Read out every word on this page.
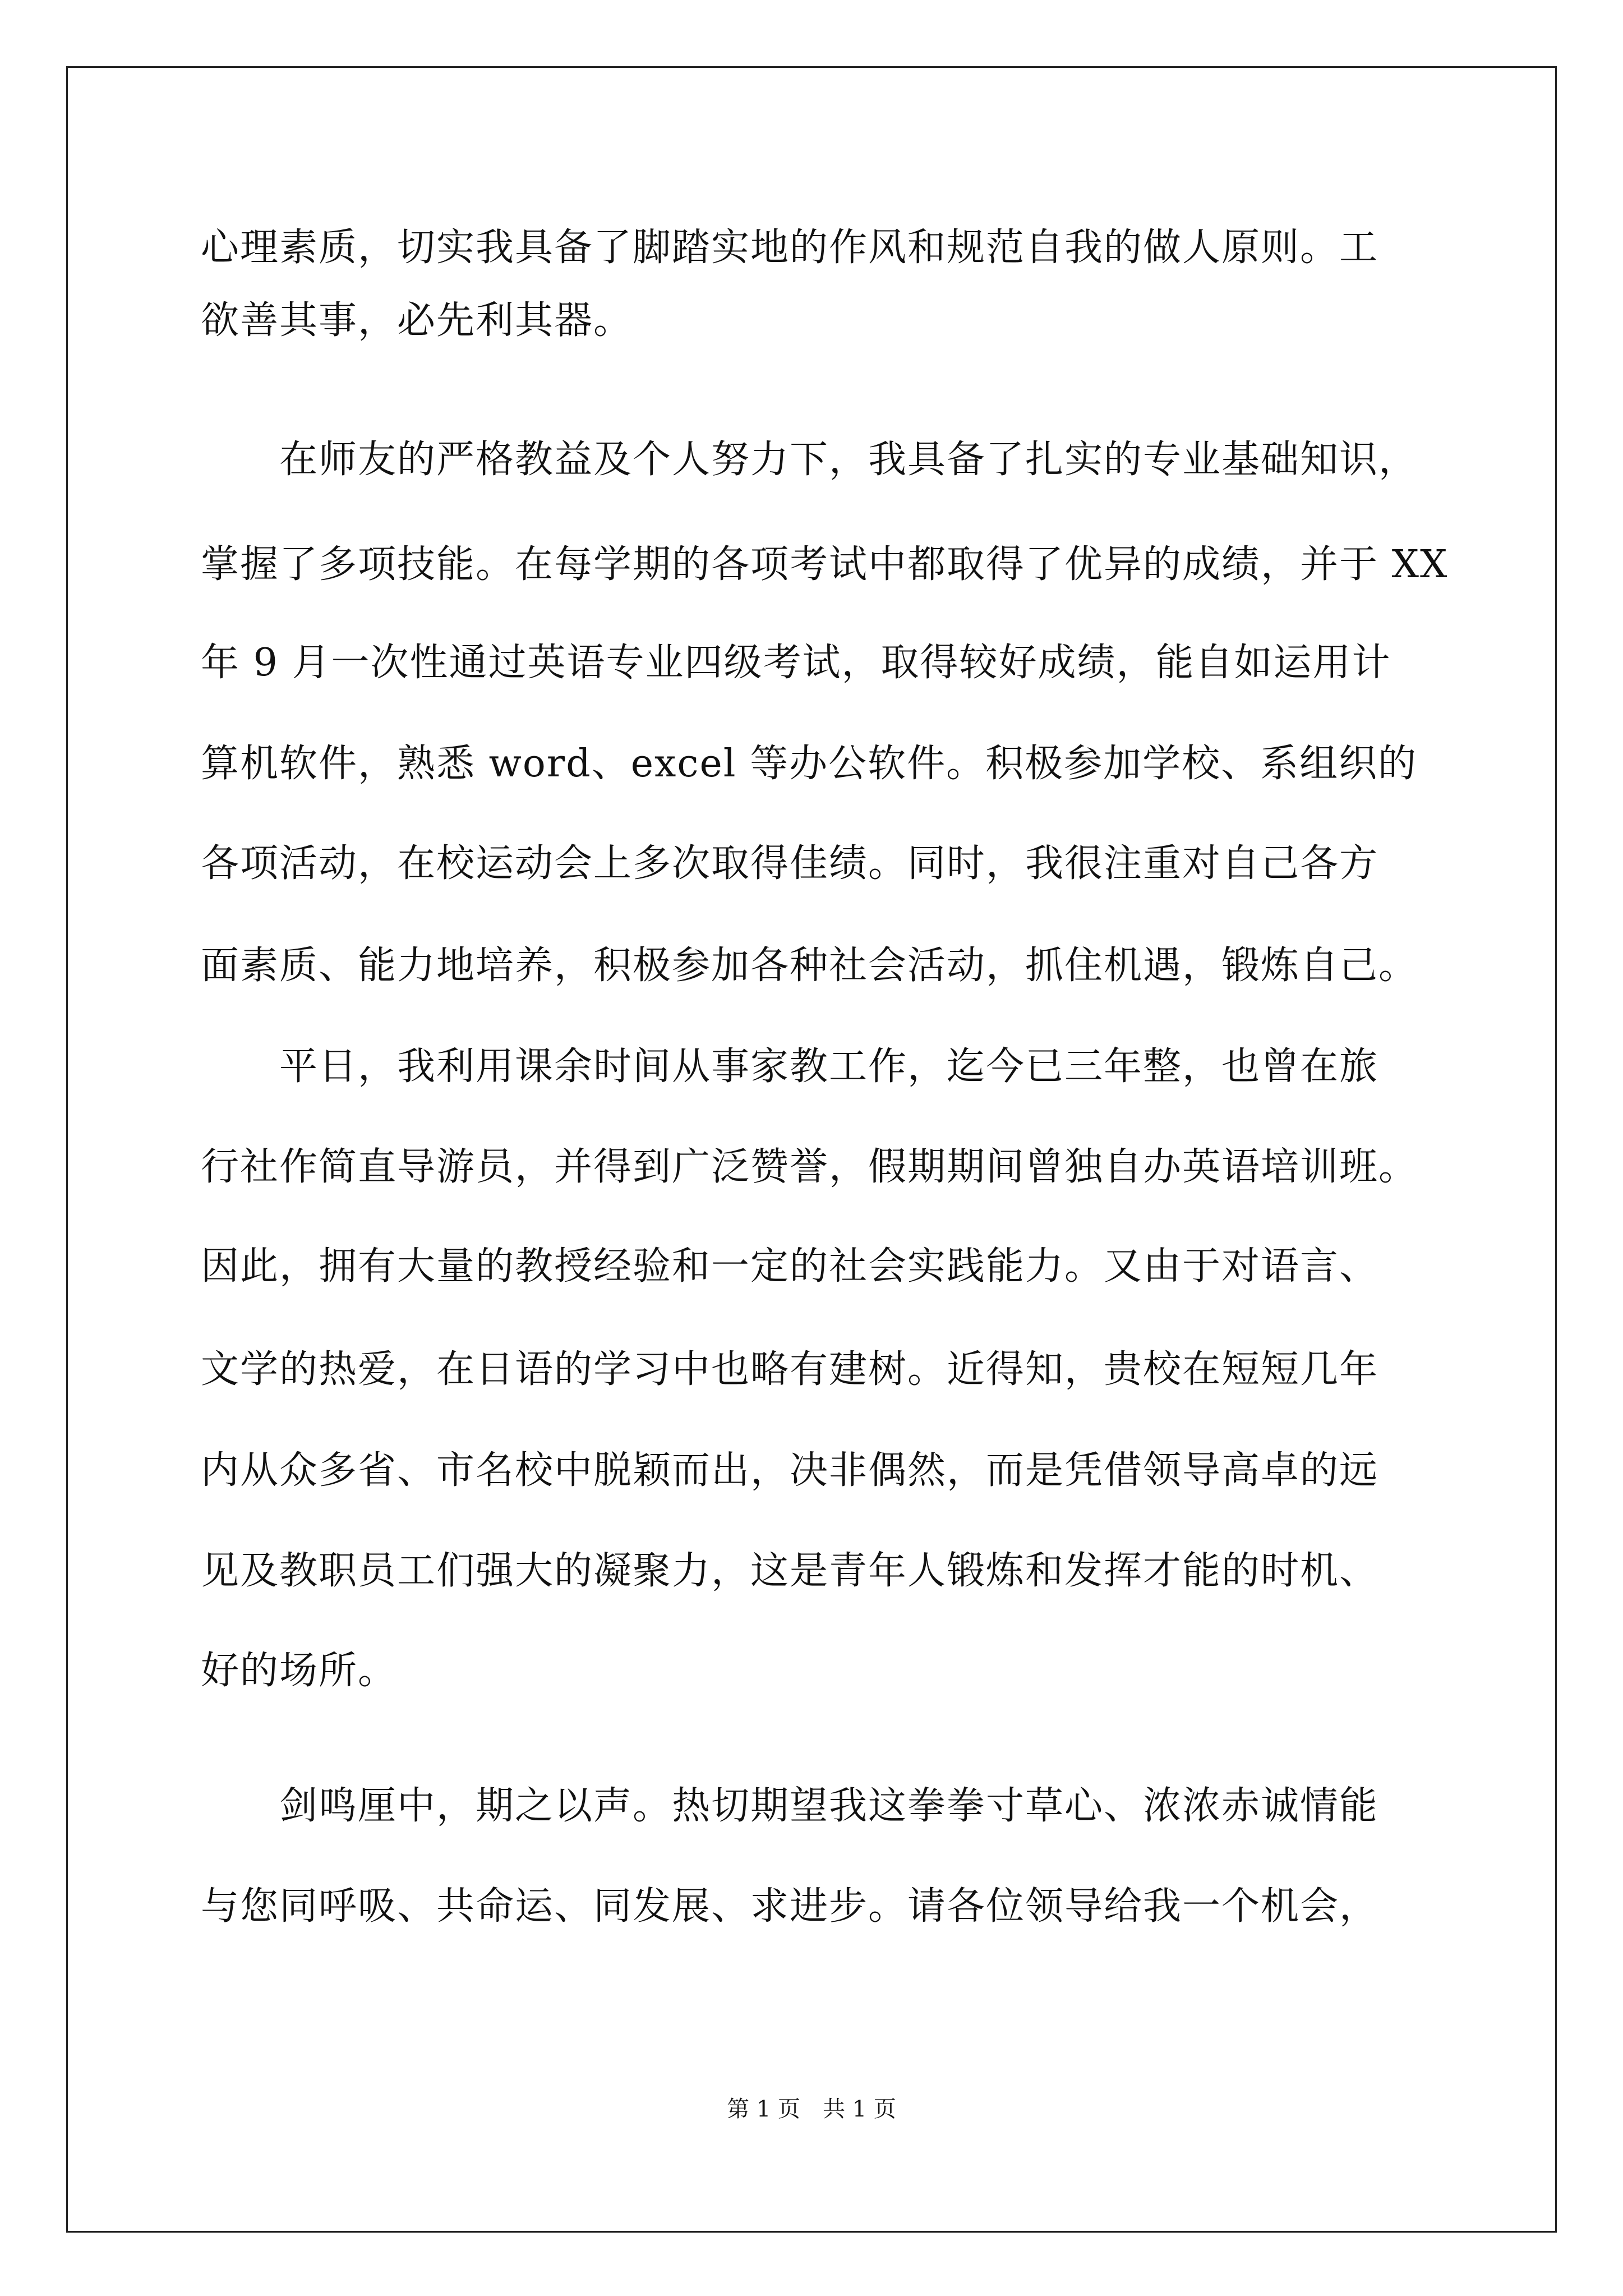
心理素质，切实我具备了脚踏实地的作风和规范自我的做人原则。工

欲善其事，必先利其器。

　　在师友的严格教益及个人努力下，我具备了扎实的专业基础知识，

掌握了多项技能。在每学期的各项考试中都取得了优异的成绩，并于 XX

年 9 月一次性通过英语专业四级考试，取得较好成绩，能自如运用计

算机软件，熟悉 word、excel 等办公软件。积极参加学校、系组织的

各项活动，在校运动会上多次取得佳绩。同时，我很注重对自己各方

面素质、能力地培养，积极参加各种社会活动，抓住机遇，锻炼自己。

　　平日，我利用课余时间从事家教工作，迄今已三年整，也曾在旅

行社作简直导游员，并得到广泛赞誉，假期期间曾独自办英语培训班。

因此，拥有大量的教授经验和一定的社会实践能力。又由于对语言、

文学的热爱，在日语的学习中也略有建树。近得知，贵校在短短几年

内从众多省、市名校中脱颖而出，决非偶然，而是凭借领导高卓的远

见及教职员工们强大的凝聚力，这是青年人锻炼和发挥才能的时机、

好的场所。

　　剑鸣厘中，期之以声。热切期望我这拳拳寸草心、浓浓赤诚情能

与您同呼吸、共命运、同发展、求进步。请各位领导给我一个机会，

第 1 页　共 1 页
